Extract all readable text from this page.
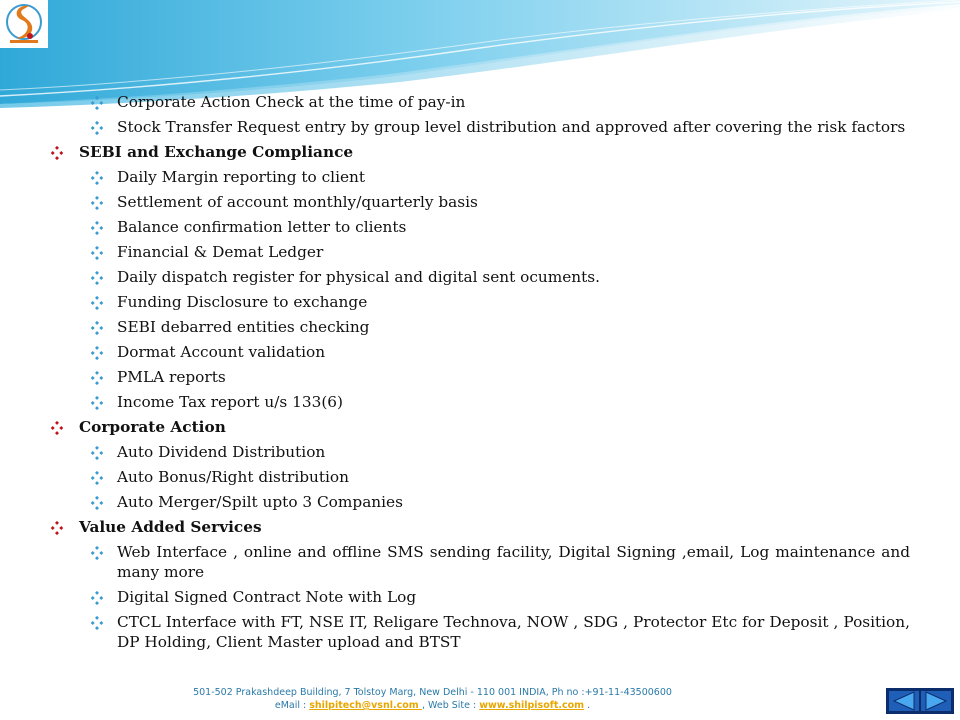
Corporate Action Check at the time of pay-in
Stock Transfer Request entry by group level distribution and approved after covering the risk factors
SEBI and Exchange Compliance
Daily Margin reporting to client
Settlement of account monthly/quarterly basis
Balance confirmation letter to clients
Financial & Demat Ledger
Daily dispatch register for physical and digital sent ocuments.
Funding Disclosure to exchange
SEBI debarred entities checking
Dormat Account validation
PMLA reports
Income Tax report u/s 133(6)
Corporate Action
Auto Dividend Distribution
Auto Bonus/Right distribution
Auto Merger/Spilt upto 3 Companies
Value Added Services
Web Interface , online and offline SMS sending facility, Digital Signing ,email, Log maintenance and many more
Digital Signed Contract Note with Log
CTCL Interface with FT, NSE IT, Religare Technova, NOW , SDG , Protector Etc for Deposit , Position, DP Holding, Client Master upload and BTST
501-502 Prakashdeep Building, 7 Tolstoy Marg, New Delhi - 110 001 INDIA, Ph no :+91-11-43500600
eMail : shilpitech@vsnl.com , Web Site : www.shilpisoft.com .
